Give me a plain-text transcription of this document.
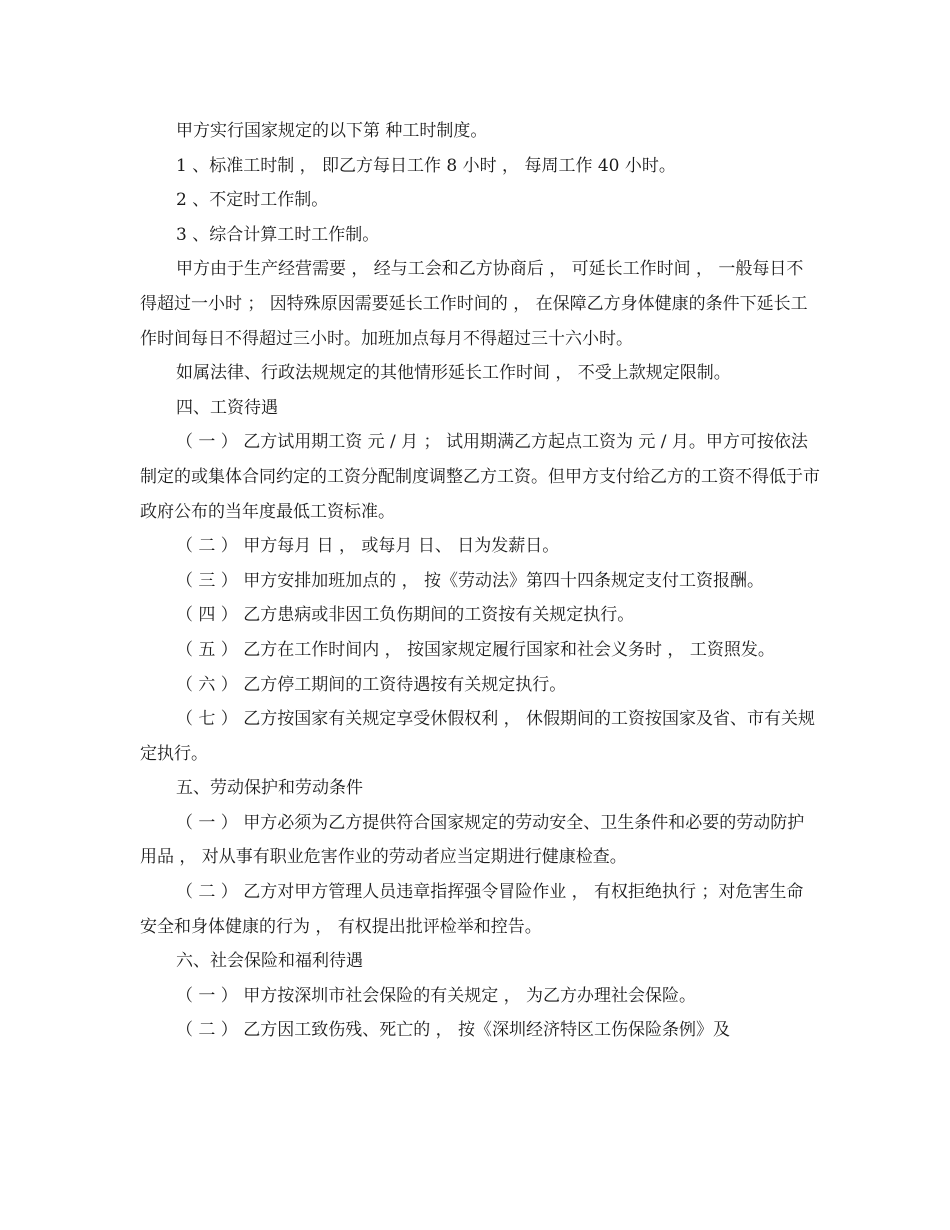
甲方实行国家规定的以下第 种工时制度。

1 、标准工时制 ， 即乙方每日工作 8 小时 ， 每周工作 40 小时。

2 、不定时工作制。

3 、综合计算工时工作制。

甲方由于生产经营需要 ， 经与工会和乙方协商后 ， 可延长工作时间 ， 一般每日不得超过一小时 ； 因特殊原因需要延长工作时间的 ， 在保障乙方身体健康的条件下延长工作时间每日不得超过三小时。加班加点每月不得超过三十六小时。

如属法律、行政法规规定的其他情形延长工作时间 ， 不受上款规定限制。

四、工资待遇

（ 一 ） 乙方试用期工资 元 / 月 ； 试用期满乙方起点工资为 元 / 月。甲方可按依法制定的或集体合同约定的工资分配制度调整乙方工资。但甲方支付给乙方的工资不得低于市政府公布的当年度最低工资标准。

（ 二 ） 甲方每月 日 ， 或每月 日、 日为发薪日。

（ 三 ） 甲方安排加班加点的 ， 按《劳动法》第四十四条规定支付工资报酬。

（ 四 ） 乙方患病或非因工负伤期间的工资按有关规定执行。

（ 五 ） 乙方在工作时间内 ， 按国家规定履行国家和社会义务时 ， 工资照发。

（ 六 ） 乙方停工期间的工资待遇按有关规定执行。

（ 七 ） 乙方按国家有关规定享受休假权利 ， 休假期间的工资按国家及省、市有关规定执行。

五、劳动保护和劳动条件

（ 一 ） 甲方必须为乙方提供符合国家规定的劳动安全、卫生条件和必要的劳动防护用品 ， 对从事有职业危害作业的劳动者应当定期进行健康检查。

（ 二 ） 乙方对甲方管理人员违章指挥强令冒险作业 ， 有权拒绝执行 ；对危害生命安全和身体健康的行为 ， 有权提出批评检举和控告。

六、社会保险和福利待遇

（ 一 ） 甲方按深圳市社会保险的有关规定 ， 为乙方办理社会保险。

（ 二 ） 乙方因工致伤残、死亡的 ， 按《深圳经济特区工伤保险条例》及
